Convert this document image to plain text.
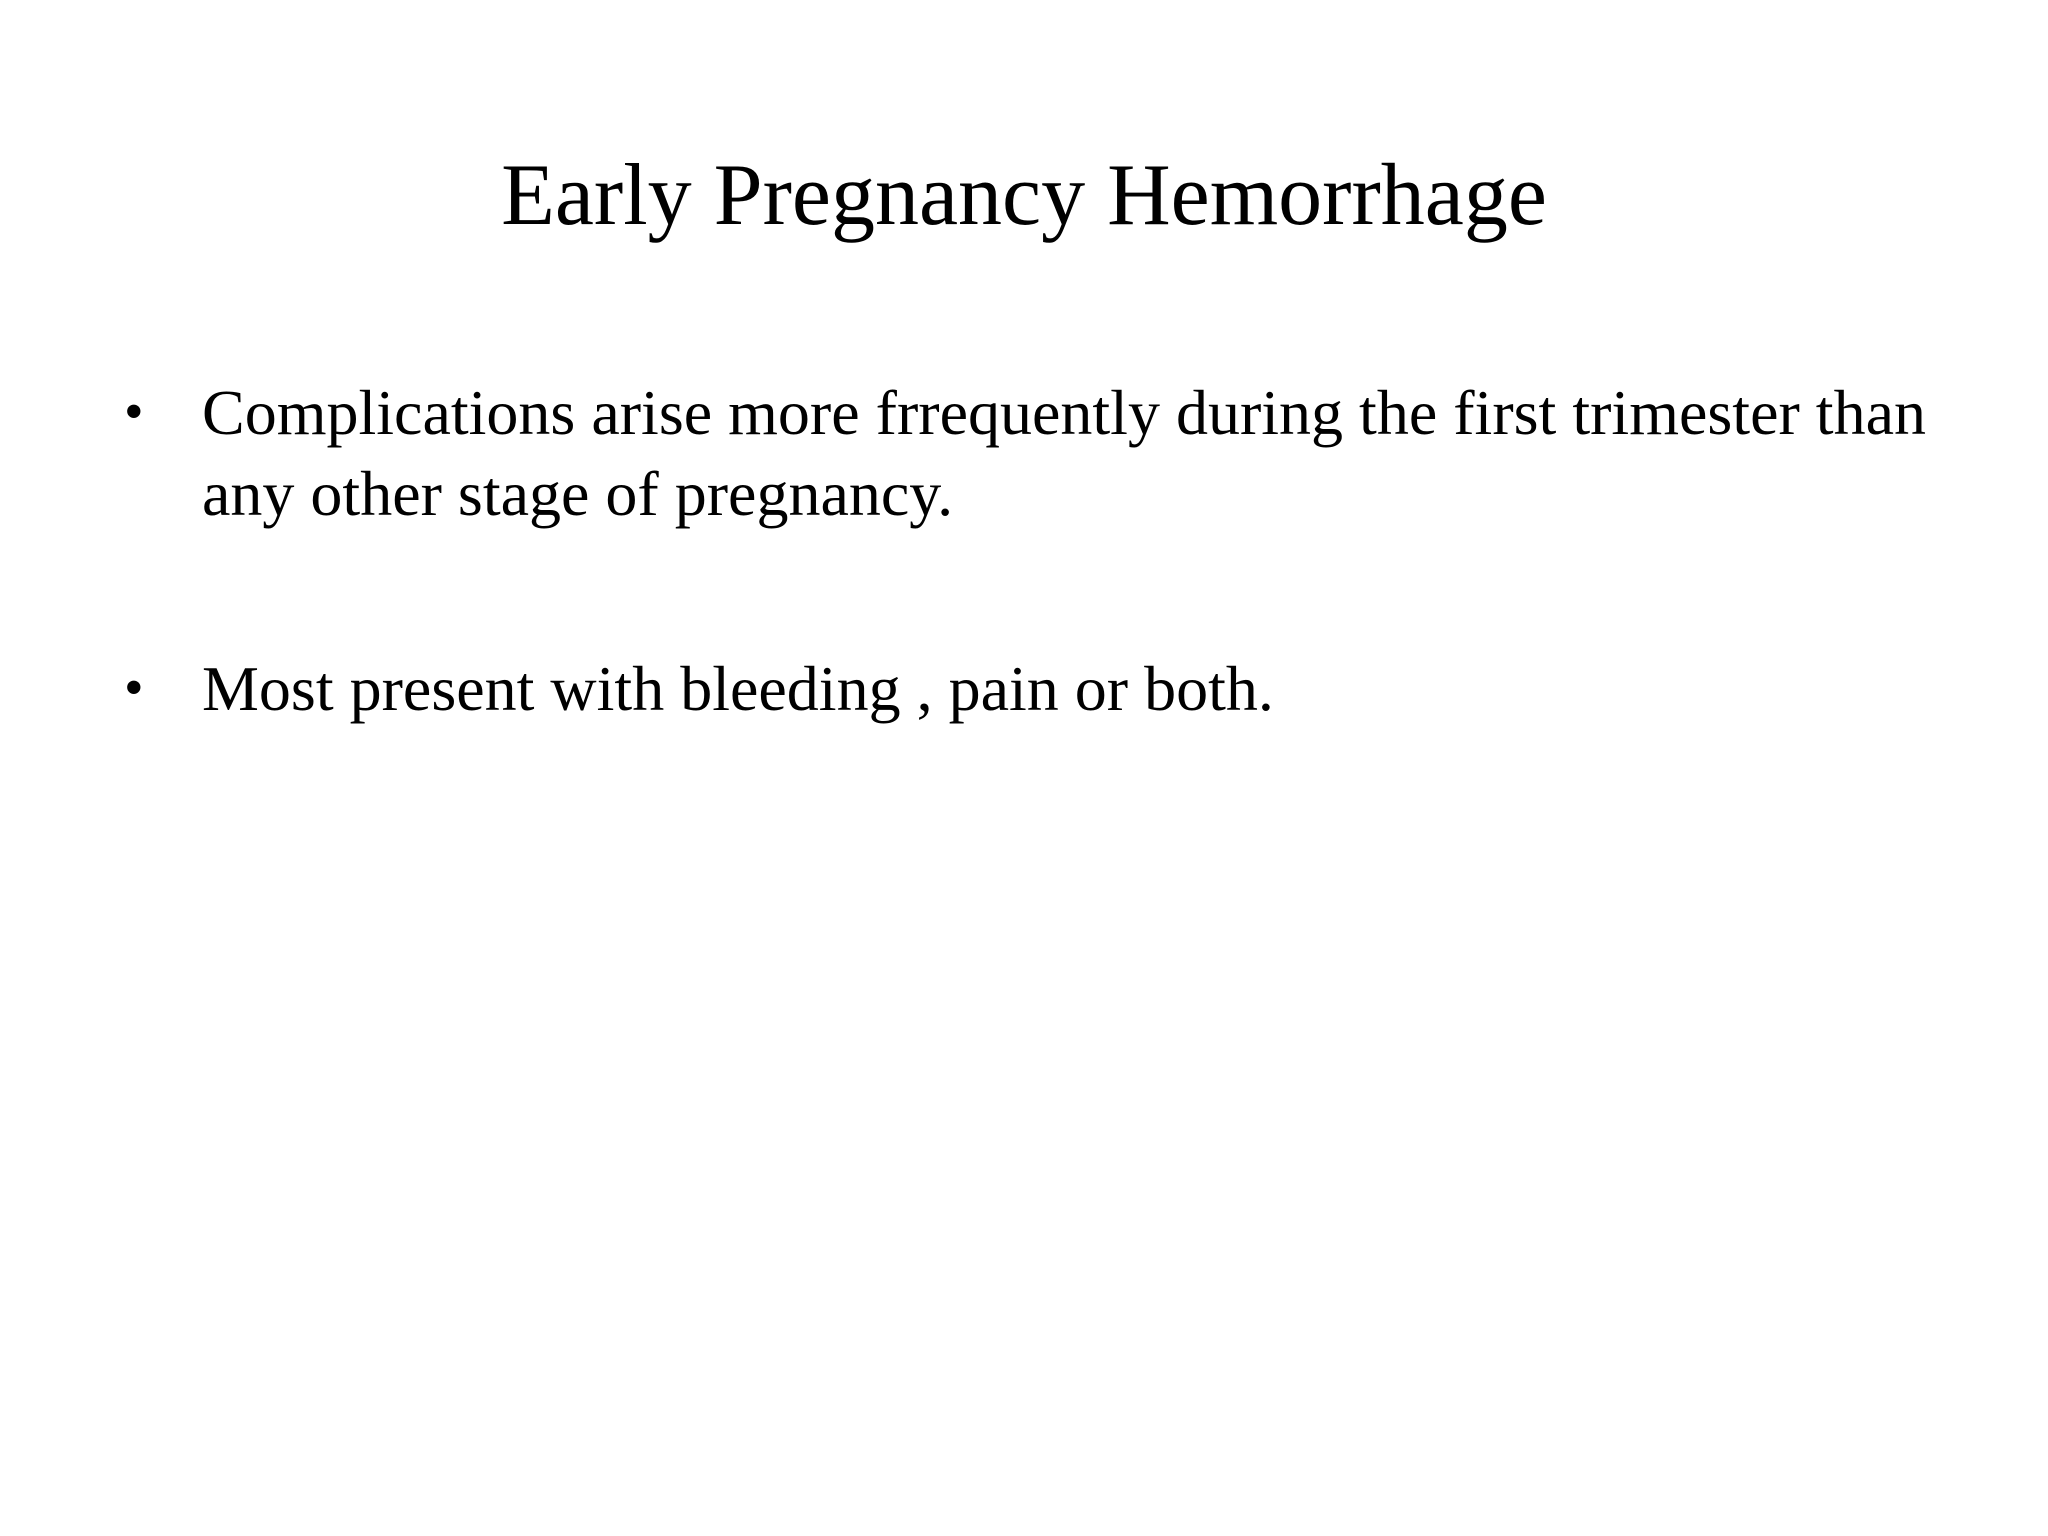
Early Pregnancy Hemorrhage
• Complications arise more frrequently during the first trimester than any other stage of pregnancy.
• Most present with bleeding , pain or both.
